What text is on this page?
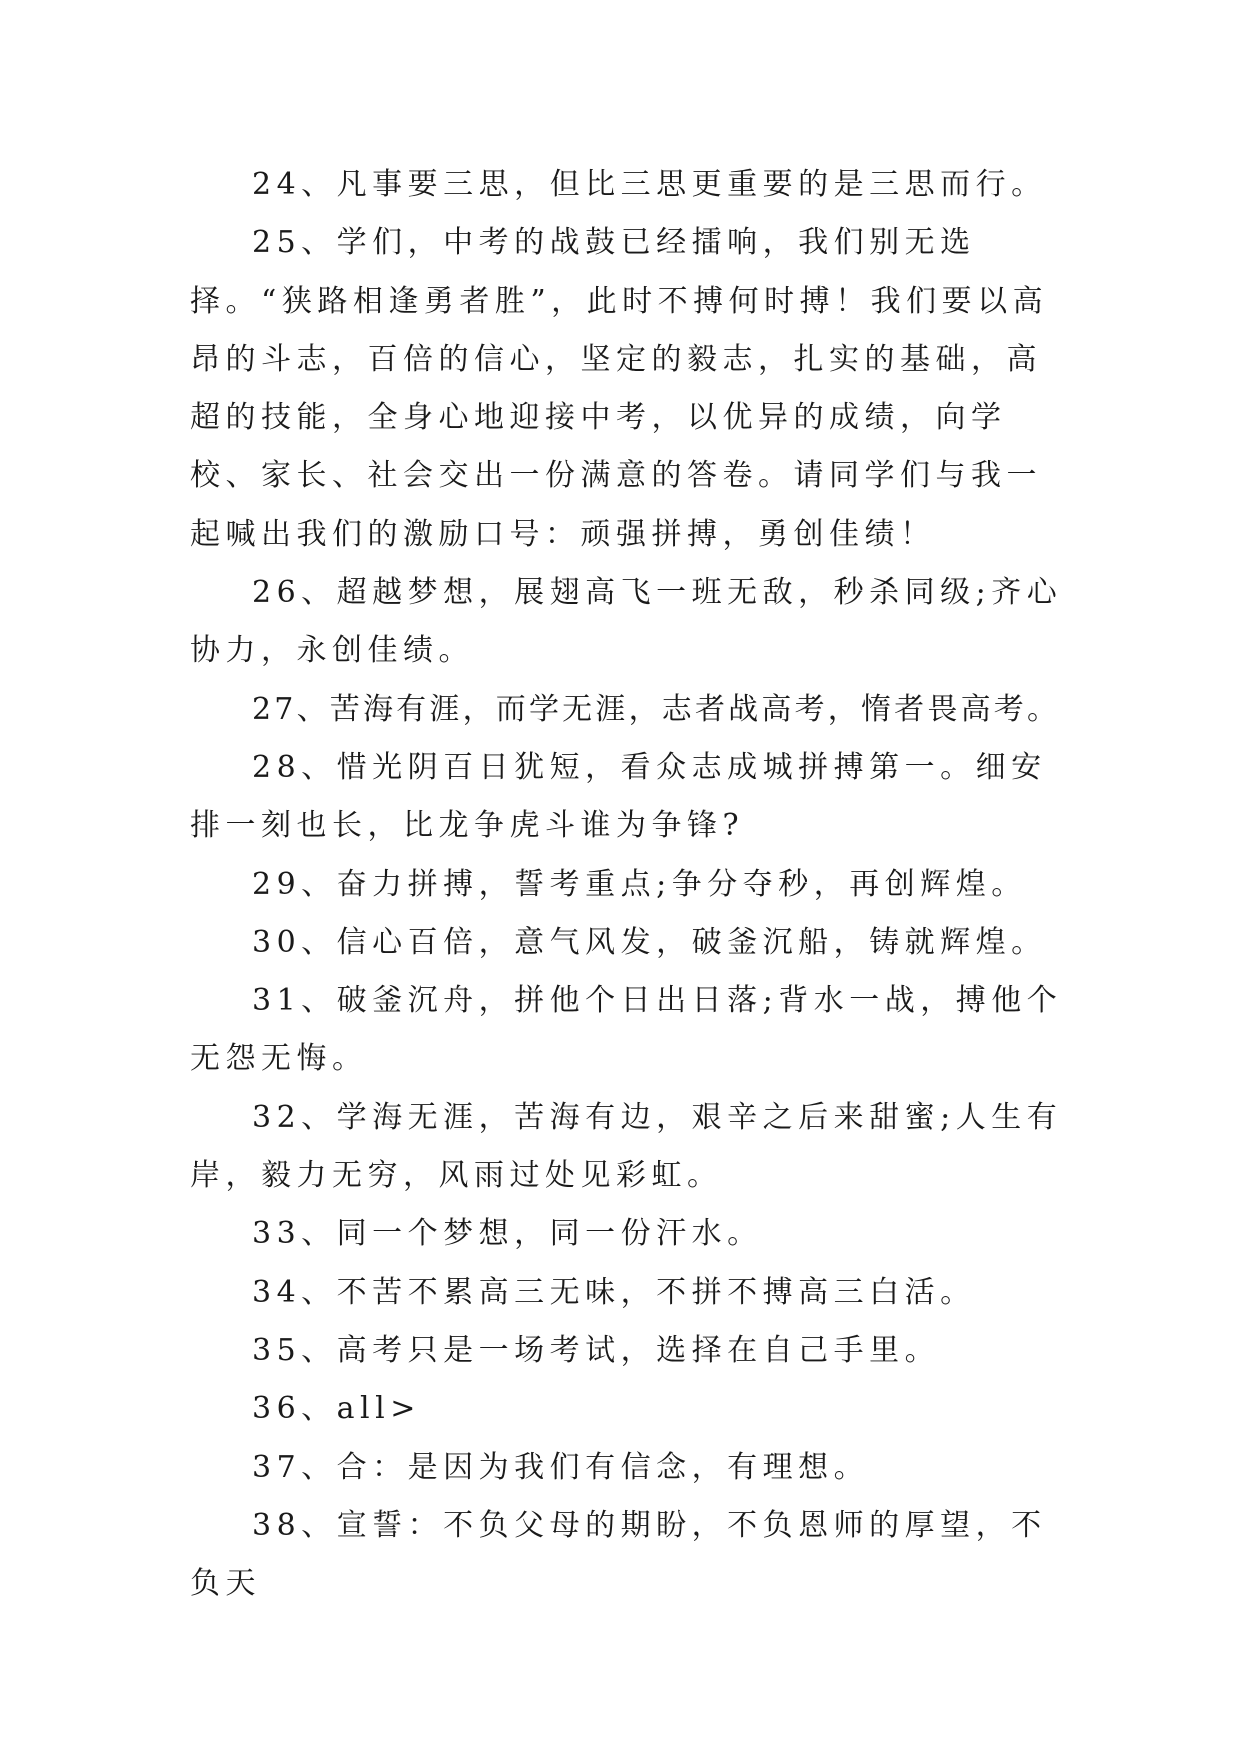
24、凡事要三思，但比三思更重要的是三思而行。

25、学们，中考的战鼓已经擂响，我们别无选择。“狭路相逢勇者胜”，此时不搏何时搏！我们要以高昂的斗志，百倍的信心，坚定的毅志，扎实的基础，高超的技能，全身心地迎接中考，以优异的成绩，向学校、家长、社会交出一份满意的答卷。请同学们与我一起喊出我们的激励口号：顽强拼搏，勇创佳绩！

26、超越梦想，展翅高飞一班无敌，秒杀同级;齐心协力，永创佳绩。

27、苦海有涯，而学无涯，志者战高考，惰者畏高考。

28、惜光阴百日犹短，看众志成城拼搏第一。细安排一刻也长，比龙争虎斗谁为争锋?

29、奋力拼搏，誓考重点;争分夺秒，再创辉煌。

30、信心百倍，意气风发，破釜沉船，铸就辉煌。

31、破釜沉舟，拼他个日出日落;背水一战，搏他个无怨无悔。

32、学海无涯，苦海有边，艰辛之后来甜蜜;人生有岸，毅力无穷，风雨过处见彩虹。

33、同一个梦想，同一份汗水。

34、不苦不累高三无味，不拼不搏高三白活。

35、高考只是一场考试，选择在自己手里。

36、all>

37、合：是因为我们有信念，有理想。

38、宣誓：不负父母的期盼，不负恩师的厚望，不负天
